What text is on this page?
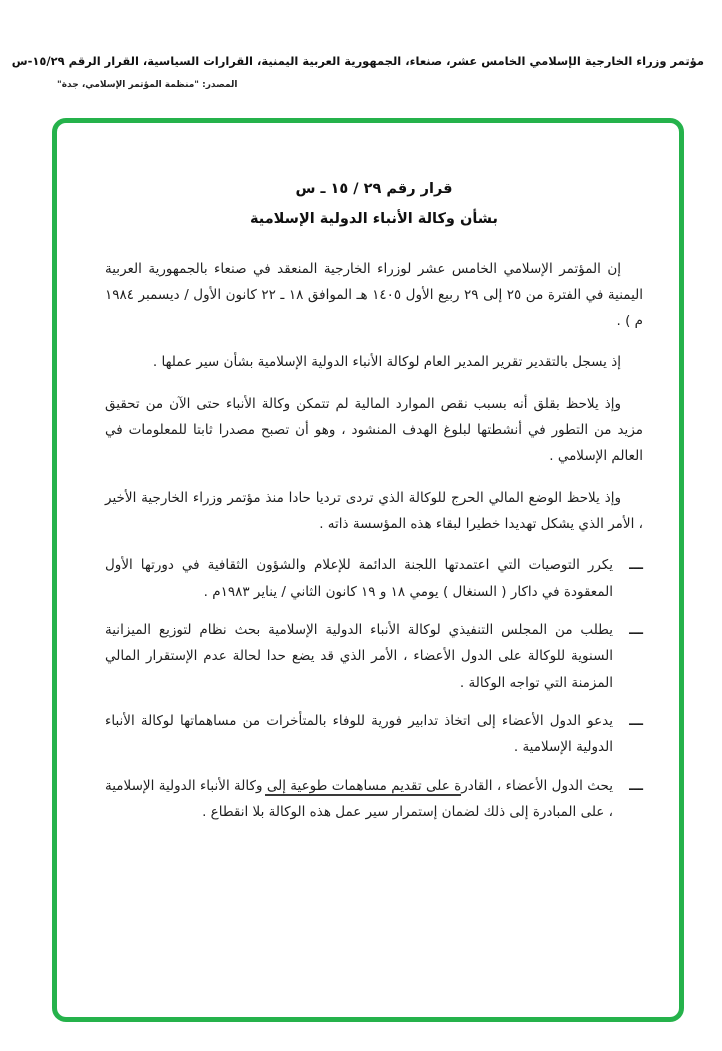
مؤتمر وزراء الخارجية الإسلامي الخامس عشر، صنعاء، الجمهورية العربية اليمنية، القرارات السياسية، القرار الرقم ١٥/٢٩-س
المصدر: "منظمة المؤتمر الإسلامي، جدة"
قرار رقم ٢٩ / ١٥ ـ س
بشأن وكالة الأنباء الدولية الإسلامية

إن المؤتمر الإسلامي الخامس عشر لوزراء الخارجية المنعقد في صنعاء بالجمهورية العربية اليمنية في الفترة من ٢٥ إلى ٢٩ ربيع الأول ١٤٠٥ هـ الموافق ١٨ ـ ٢٢ كانون الأول / ديسمبر ١٩٨٤ م ) .

إذ يسجل بالتقدير تقرير المدير العام لوكالة الأنباء الدولية الإسلامية بشأن سير عملها .

وإذ يلاحظ بقلق أنه بسبب نقص الموارد المالية لم تتمكن وكالة الأنباء حتى الآن من تحقيق مزيد من التطور في أنشطتها لبلوغ الهدف المنشود ، وهو أن تصبح مصدرا ثابتا للمعلومات في العالم الإسلامي .

وإذ يلاحظ الوضع المالي الحرج للوكالة الذي تردى ترديا حادا منذ مؤتمر وزراء الخارجية الأخير ، الأمر الذي يشكل تهديدا خطيرا لبقاء هذه المؤسسة ذاته .

ـــ
يكرر التوصيات التي اعتمدتها اللجنة الدائمة للإعلام والشؤون الثقافية في دورتها الأول المعقودة في داكار ( السنغال ) يومي ١٨ و ١٩ كانون الثاني / يناير ١٩٨٣م .
ـــ
يطلب من المجلس التنفيذي لوكالة الأنباء الدولية الإسلامية بحث نظام لتوزيع الميزانية السنوية للوكالة على الدول الأعضاء ، الأمر الذي قد يضع حدا لحالة عدم الإستقرار المالي المزمنة التي تواجه الوكالة .
ـــ
يدعو الدول الأعضاء إلى اتخاذ تدابير فورية للوفاء بالمتأخرات من مساهماتها لوكالة الأنباء الدولية الإسلامية .
ـــ
يحث الدول الأعضاء ، القادرة على تقديم مساهمات طوعية إلى وكالة الأنباء الدولية الإسلامية ، على المبادرة إلى ذلك لضمان إستمرار سير عمل هذه الوكالة بلا انقطاع .
